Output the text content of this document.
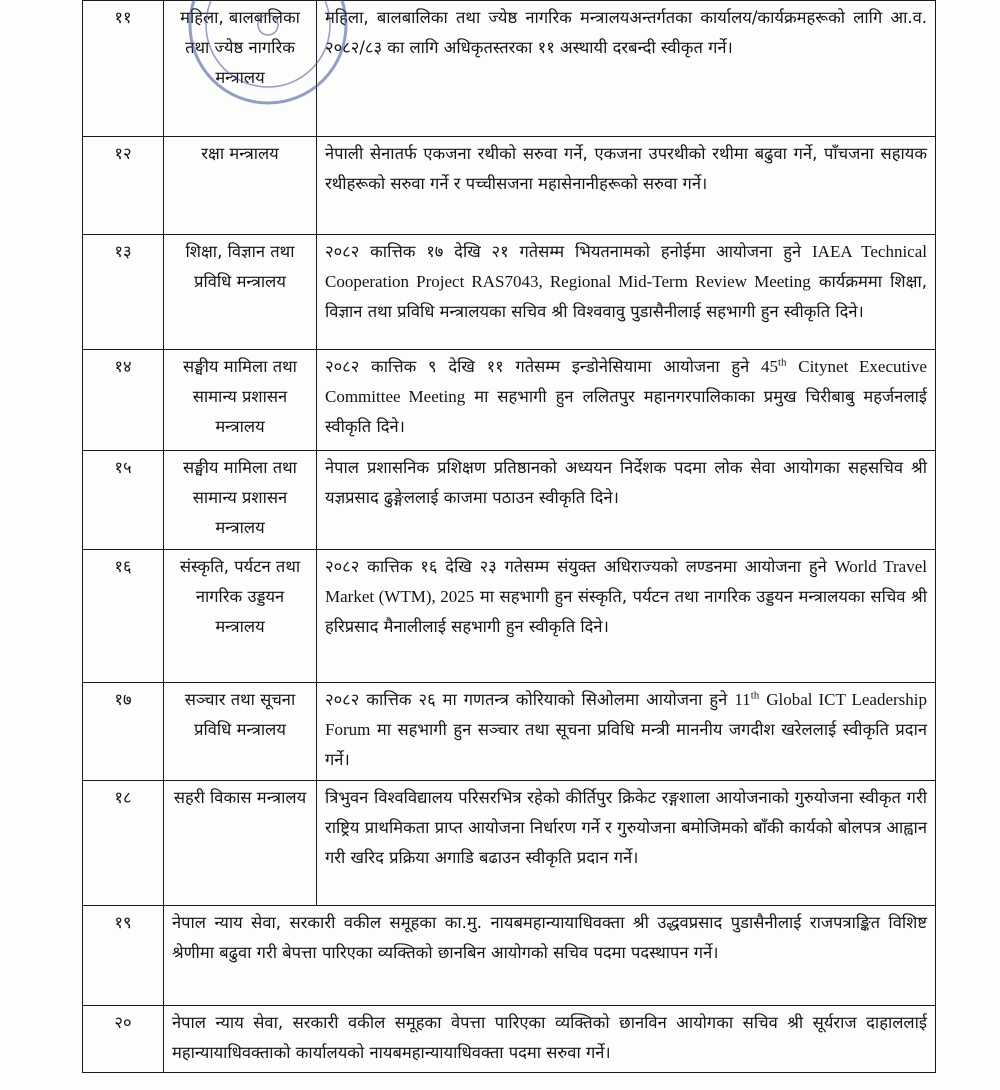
११	महिला, बालबालिका तथा ज्येष्ठ नागरिक मन्त्रालय	महिला, बालबालिका तथा ज्येष्ठ नागरिक मन्त्रालयअन्तर्गतका कार्यालय/कार्यक्रमहरूको लागि आ.व. २०८२/८३ का लागि अधिकृतस्तरका ११ अस्थायी दरबन्दी स्वीकृत गर्ने।
१२	रक्षा मन्त्रालय	नेपाली सेनातर्फ एकजना रथीको सरुवा गर्ने, एकजना उपरथीको रथीमा बढुवा गर्ने, पाँचजना सहायक रथीहरूको सरुवा गर्ने र पच्चीसजना महासेनानीहरूको सरुवा गर्ने।
१३	शिक्षा, विज्ञान तथा प्रविधि मन्त्रालय	२०८२ कात्तिक १७ देखि २१ गतेसम्म भियतनामको हनोईमा आयोजना हुने IAEA Technical Cooperation Project RAS7043, Regional Mid-Term Review Meeting कार्यक्रममा शिक्षा, विज्ञान तथा प्रविधि मन्त्रालयका सचिव श्री विश्ववावु पुडासैनीलाई सहभागी हुन स्वीकृति दिने।
१४	सङ्घीय मामिला तथा सामान्य प्रशासन मन्त्रालय	२०८२ कात्तिक ९ देखि ११ गतेसम्म इन्डोनेसियामा आयोजना हुने 45th Citynet Executive Committee Meeting मा सहभागी हुन ललितपुर महानगरपालिकाका प्रमुख चिरीबाबु महर्जनलाई स्वीकृति दिने।
१५	सङ्घीय मामिला तथा सामान्य प्रशासन मन्त्रालय	नेपाल प्रशासनिक प्रशिक्षण प्रतिष्ठानको अध्ययन निर्देशक पदमा लोक सेवा आयोगका सहसचिव श्री यज्ञप्रसाद ढुङ्गेललाई काजमा पठाउन स्वीकृति दिने।
१६	संस्कृति, पर्यटन तथा नागरिक उड्डयन मन्त्रालय	२०८२ कात्तिक १६ देखि २३ गतेसम्म संयुक्त अधिराज्यको लण्डनमा आयोजना हुने World Travel Market (WTM), 2025 मा सहभागी हुन संस्कृति, पर्यटन तथा नागरिक उड्डयन मन्त्रालयका सचिव श्री हरिप्रसाद मैनालीलाई सहभागी हुन स्वीकृति दिने।
१७	सञ्चार तथा सूचना प्रविधि मन्त्रालय	२०८२ कात्तिक २६ मा गणतन्त्र कोरियाको सिओलमा आयोजना हुने 11th Global ICT Leadership Forum मा सहभागी हुन सञ्चार तथा सूचना प्रविधि मन्त्री माननीय जगदीश खरेललाई स्वीकृति प्रदान गर्ने।
१८	सहरी विकास मन्त्रालय	त्रिभुवन विश्वविद्यालय परिसरभित्र रहेको कीर्तिपुर क्रिकेट रङ्गशाला आयोजनाको गुरुयोजना स्वीकृत गरी राष्ट्रिय प्राथमिकता प्राप्त आयोजना निर्धारण गर्ने र गुरुयोजना बमोजिमको बाँकी कार्यको बोलपत्र आह्वान गरी खरिद प्रक्रिया अगाडि बढाउन स्वीकृति प्रदान गर्ने।
१९	नेपाल न्याय सेवा, सरकारी वकील समूहका का.मु. नायबमहान्यायाधिवक्ता श्री उद्धवप्रसाद पुडासैनीलाई राजपत्राङ्कित विशिष्ट श्रेणीमा बढुवा गरी बेपत्ता पारिएका व्यक्तिको छानबिन आयोगको सचिव पदमा पदस्थापन गर्ने।	
२०	नेपाल न्याय सेवा, सरकारी वकील समूहका वेपत्ता पारिएका व्यक्तिको छानविन आयोगका सचिव श्री सूर्यराज दाहाललाई महान्यायाधिवक्ताको कार्यालयको नायबमहान्यायाधिवक्ता पदमा सरुवा गर्ने।	
